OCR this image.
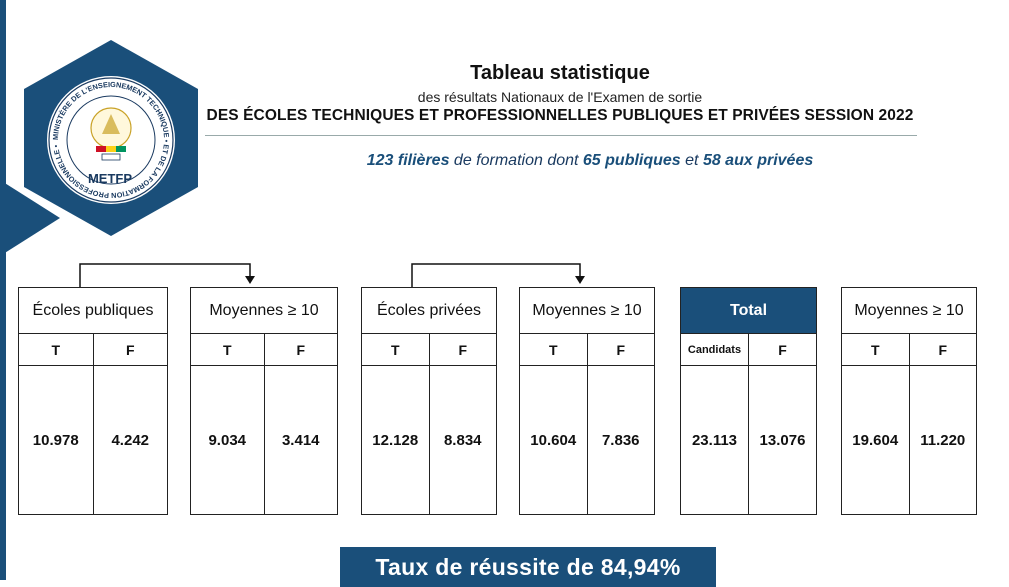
MINISTÈRE DE L'ENSEIGNEMENT TECHNIQUE • ET DE LA FORMATION PROFESSIONNELLE •
METFP
Tableau statistique
des résultats Nationaux de l'Examen de sortie
DES ÉCOLES TECHNIQUES ET PROFESSIONNELLES PUBLIQUES ET PRIVÉES SESSION 2022
123 filières de formation dont 65 publiques et 58 aux privées
Écoles publiques
T	F
10.978	4.242
Moyennes ≥ 10
T	F
9.034	3.414
Écoles privées
T	F
12.128	8.834
Moyennes ≥ 10
T	F
10.604	7.836
Total
Candidats	F
23.113	13.076
Moyennes ≥ 10
T	F
19.604	11.220
Taux de réussite de 84,94%
